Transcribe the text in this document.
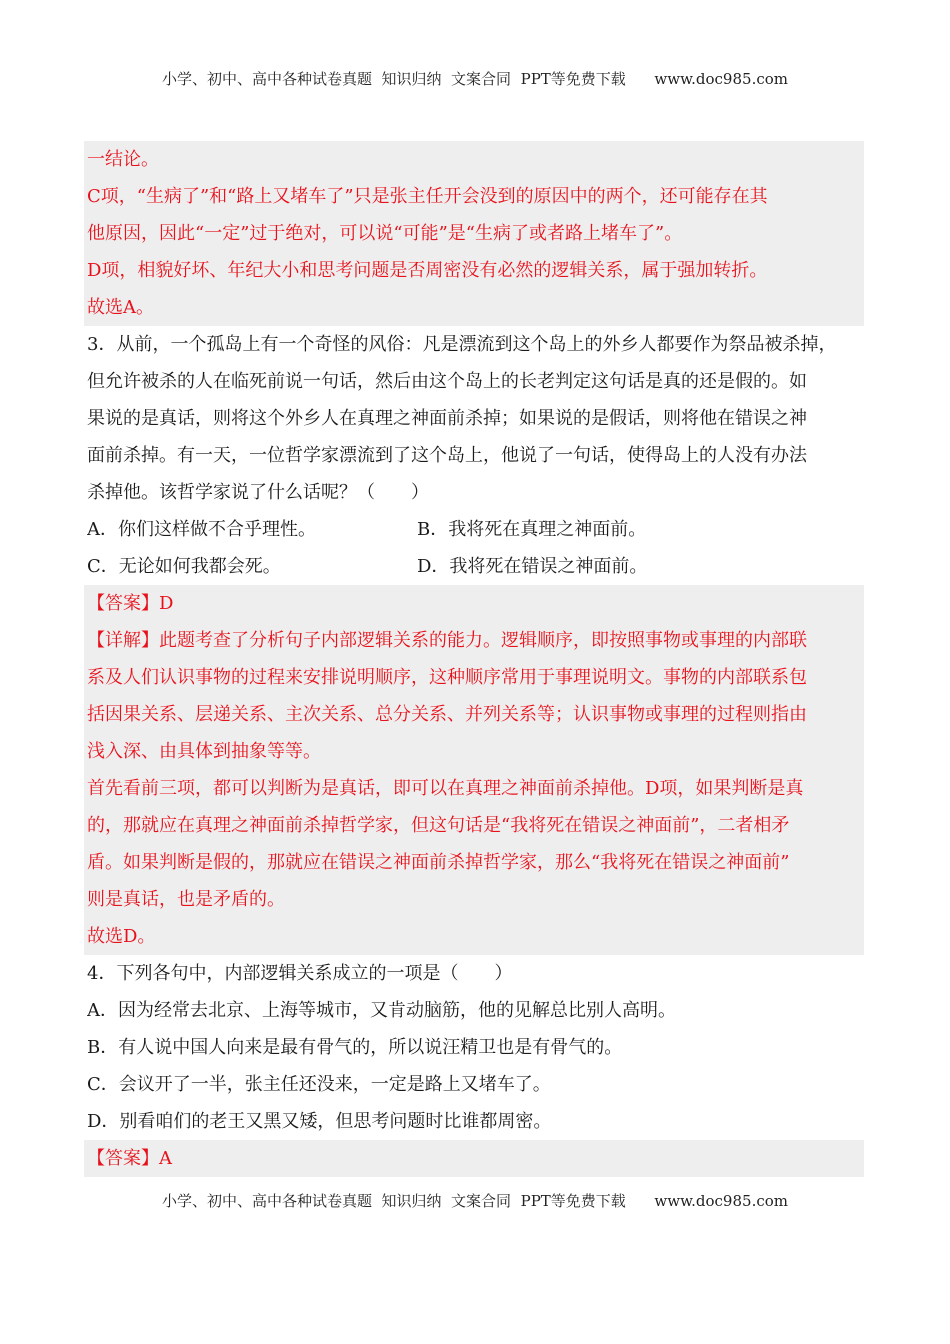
小学、初中、高中各种试卷真题  知识归纳  文案合同  PPT等免费下载      www.doc985.com
一结论。
C项，“生病了”和“路上又堵车了”只是张主任开会没到的原因中的两个，还可能存在其
他原因，因此“一定”过于绝对，可以说“可能”是“生病了或者路上堵车了”。
D项，相貌好坏、年纪大小和思考问题是否周密没有必然的逻辑关系，属于强加转折。
故选A。
3．从前，一个孤岛上有一个奇怪的风俗：凡是漂流到这个岛上的外乡人都要作为祭品被杀掉，
但允许被杀的人在临死前说一句话，然后由这个岛上的长老判定这句话是真的还是假的。如
果说的是真话，则将这个外乡人在真理之神面前杀掉；如果说的是假话，则将他在错误之神
面前杀掉。有一天，一位哲学家漂流到了这个岛上，他说了一句话，使得岛上的人没有办法
杀掉他。该哲学家说了什么话呢？（　　）
A．你们这样做不合乎理性。	B．我将死在真理之神面前。
C．无论如何我都会死。	D．我将死在错误之神面前。
【答案】D
【详解】此题考查了分析句子内部逻辑关系的能力。逻辑顺序，即按照事物或事理的内部联
系及人们认识事物的过程来安排说明顺序，这种顺序常用于事理说明文。事物的内部联系包
括因果关系、层递关系、主次关系、总分关系、并列关系等；认识事物或事理的过程则指由
浅入深、由具体到抽象等等。
首先看前三项，都可以判断为是真话，即可以在真理之神面前杀掉他。D项，如果判断是真
的，那就应在真理之神面前杀掉哲学家，但这句话是“我将死在错误之神面前”，二者相矛
盾。如果判断是假的，那就应在错误之神面前杀掉哲学家，那么“我将死在错误之神面前”
则是真话，也是矛盾的。
故选D。
4．下列各句中，内部逻辑关系成立的一项是（　　）
A．因为经常去北京、上海等城市，又肯动脑筋，他的见解总比别人高明。
B．有人说中国人向来是最有骨气的，所以说汪精卫也是有骨气的。
C．会议开了一半，张主任还没来，一定是路上又堵车了。
D．别看咱们的老王又黑又矮，但思考问题时比谁都周密。
【答案】A
小学、初中、高中各种试卷真题  知识归纳  文案合同  PPT等免费下载      www.doc985.com
